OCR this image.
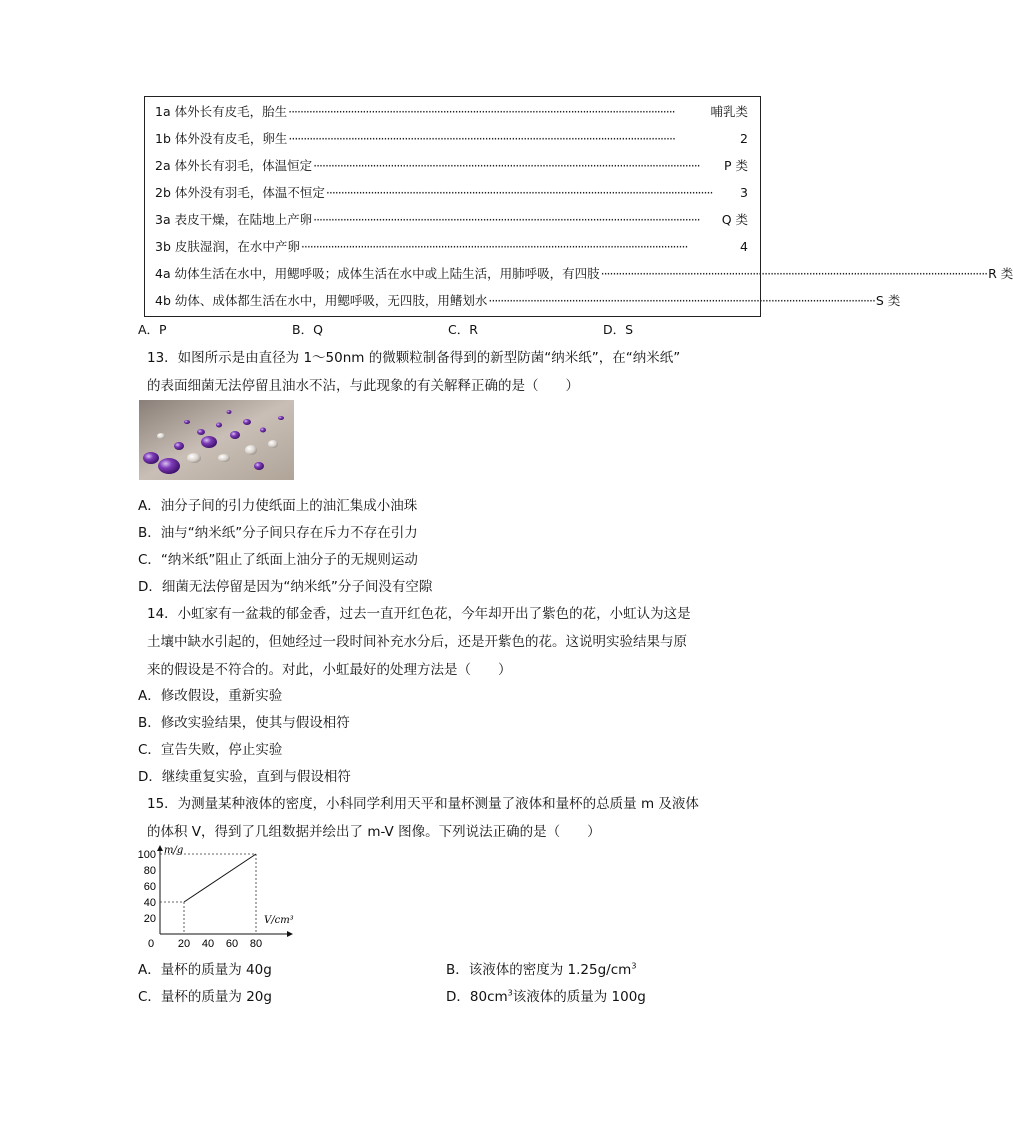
1a 体外长有皮毛，胎生 ··································································································································	哺乳类
1b 体外没有皮毛，卵生 ··································································································································	2
2a 体外长有羽毛，体温恒定 ··································································································································	P 类
2b 体外没有羽毛，体温不恒定 ··································································································································	3
3a 表皮干燥，在陆地上产卵 ··································································································································	Q 类
3b 皮肤湿润，在水中产卵 ··································································································································	4
4a 幼体生活在水中，用鳃呼吸；成体生活在水中或上陆生活，用肺呼吸，有四肢 ·································································································································· R 类
4b 幼体、成体都生活在水中，用鳃呼吸，无四肢，用鳍划水 ·································································································································· S 类
A．P	B．Q	C．R	D．S
13．如图所示是由直径为 1～50nm 的微颗粒制备得到的新型防菌“纳米纸”，在“纳米纸”
的表面细菌无法停留且油水不沾，与此现象的有关解释正确的是（　　）
A．油分子间的引力使纸面上的油汇集成小油珠
B．油与“纳米纸”分子间只存在斥力不存在引力
C．“纳米纸”阻止了纸面上油分子的无规则运动
D．细菌无法停留是因为“纳米纸”分子间没有空隙
14．小虹家有一盆栽的郁金香，过去一直开红色花，今年却开出了紫色的花，小虹认为这是
土壤中缺水引起的，但她经过一段时间补充水分后，还是开紫色的花。这说明实验结果与原
来的假设是不符合的。对此，小虹最好的处理方法是（　　）
A．修改假设，重新实验
B．修改实验结果，使其与假设相符
C．宣告失败，停止实验
D．继续重复实验，直到与假设相符
15．为测量某种液体的密度，小科同学利用天平和量杯测量了液体和量杯的总质量 m 及液体
的体积 V，得到了几组数据并绘出了 m-V 图像。下列说法正确的是（　　）
m/g
V/cm³
0
20
40
60
80
100
20 40 60 80
A．量杯的质量为 40g	B．该液体的密度为 $1.25g/cm^3$
C．量杯的质量为 20g	D．$80cm^3$该液体的质量为 100g
